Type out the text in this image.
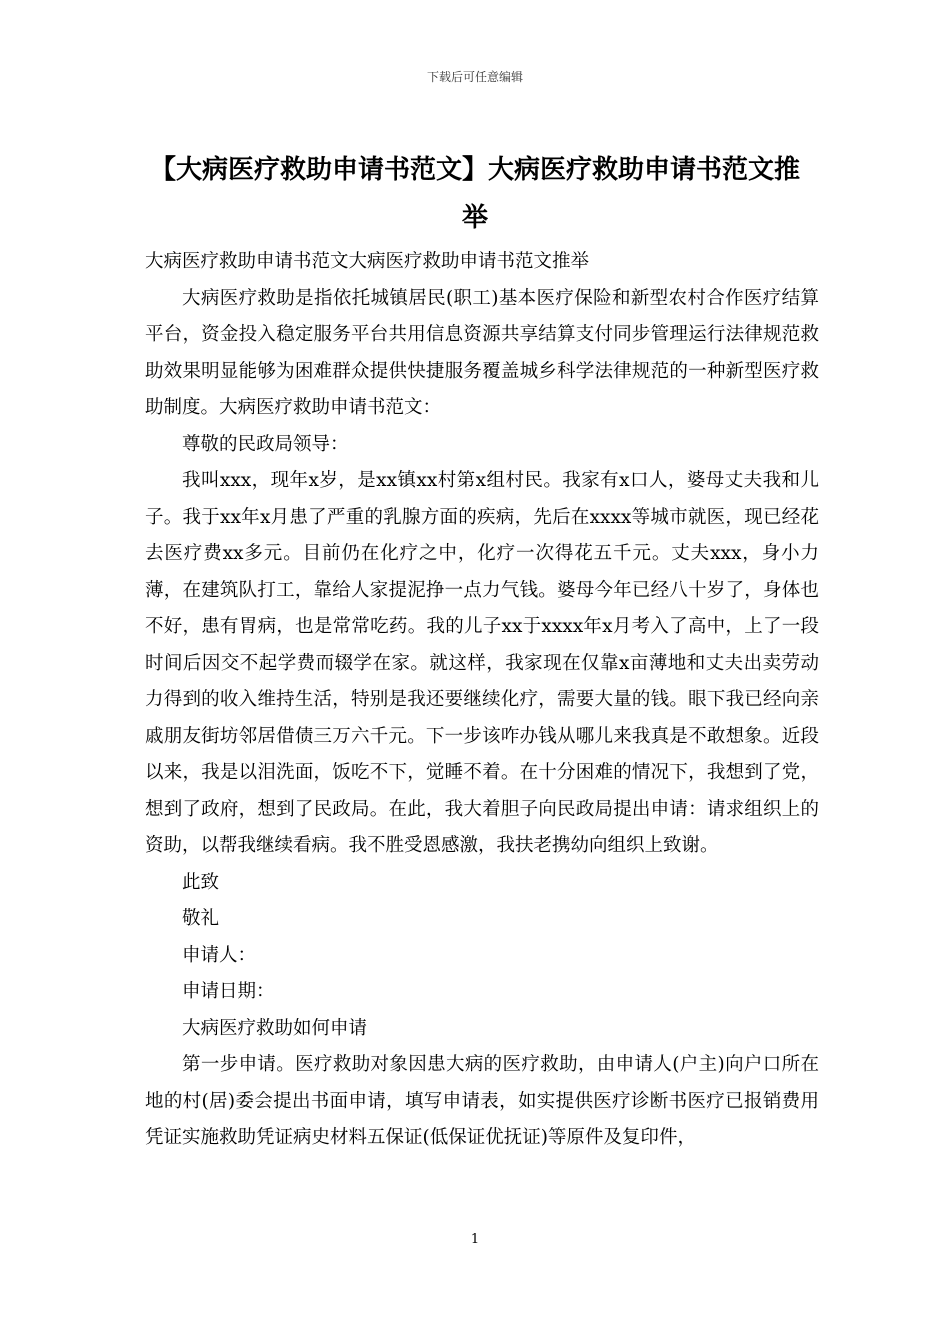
下载后可任意编辑
【大病医疗救助申请书范文】大病医疗救助申请书范文推举

大病医疗救助申请书范文大病医疗救助申请书范文推举

大病医疗救助是指依托城镇居民(职工)基本医疗保险和新型农村合作医疗结算平台，资金投入稳定服务平台共用信息资源共享结算支付同步管理运行法律规范救助效果明显能够为困难群众提供快捷服务覆盖城乡科学法律规范的一种新型医疗救助制度。大病医疗救助申请书范文：

尊敬的民政局领导：

我叫xxx，现年x岁，是xx镇xx村第x组村民。我家有x口人，婆母丈夫我和儿子。我于xx年x月患了严重的乳腺方面的疾病，先后在xxxx等城市就医，现已经花去医疗费xx多元。目前仍在化疗之中，化疗一次得花五千元。丈夫xxx，身小力薄，在建筑队打工，靠给人家提泥挣一点力气钱。婆母今年已经八十岁了，身体也不好，患有胃病，也是常常吃药。我的儿子xx于xxxx年x月考入了高中，上了一段时间后因交不起学费而辍学在家。就这样，我家现在仅靠x亩薄地和丈夫出卖劳动力得到的收入维持生活，特别是我还要继续化疗，需要大量的钱。眼下我已经向亲戚朋友街坊邻居借债三万六千元。下一步该咋办钱从哪儿来我真是不敢想象。近段以来，我是以泪洗面，饭吃不下，觉睡不着。在十分困难的情况下，我想到了党，想到了政府，想到了民政局。在此，我大着胆子向民政局提出申请：请求组织上的资助，以帮我继续看病。我不胜受恩感激，我扶老携幼向组织上致谢。

此致

敬礼

申请人：

申请日期：

大病医疗救助如何申请

第一步申请。医疗救助对象因患大病的医疗救助，由申请人(户主)向户口所在地的村(居)委会提出书面申请，填写申请表，如实提供医疗诊断书医疗已报销费用凭证实施救助凭证病史材料五保证(低保证优抚证)等原件及复印件，

1
